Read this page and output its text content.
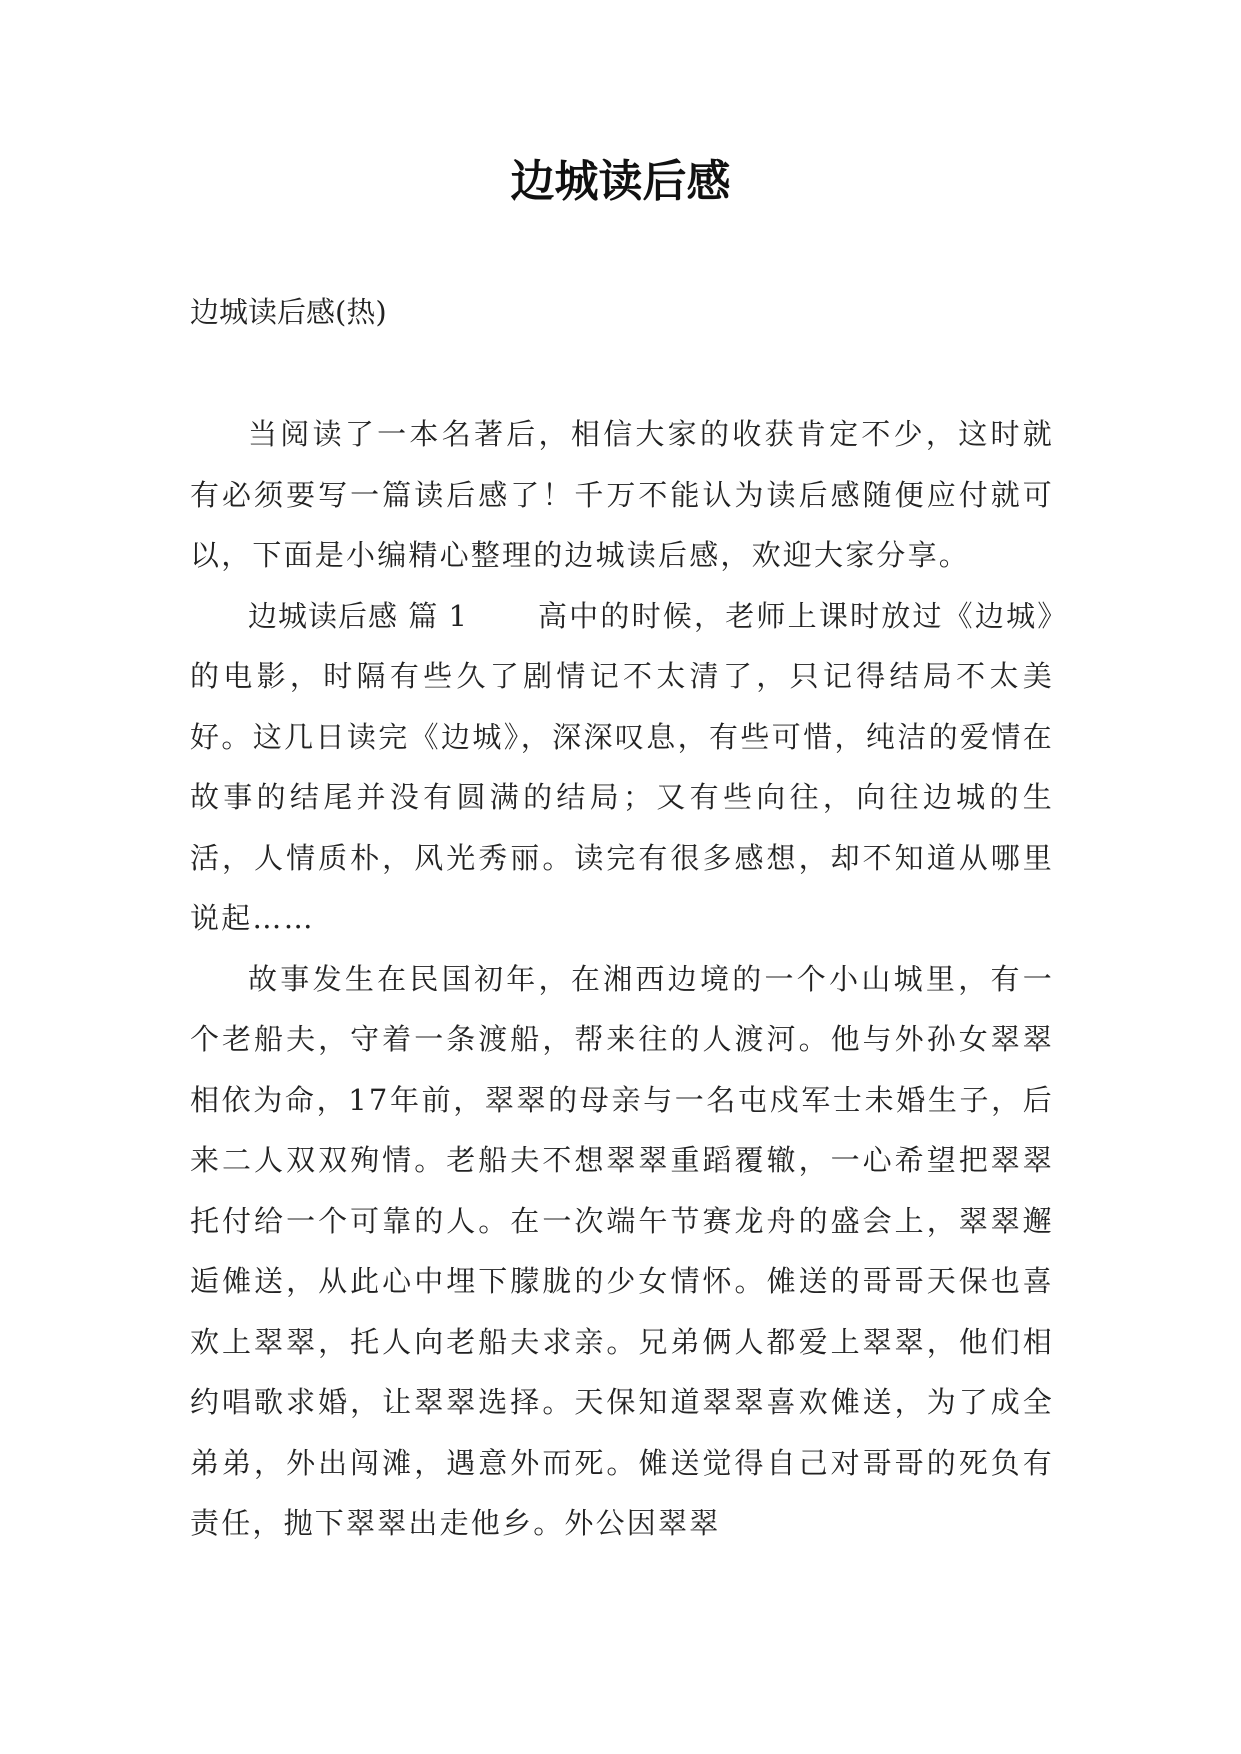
边城读后感

边城读后感(热)

当阅读了一本名著后，相信大家的收获肯定不少，这时就有必须要写一篇读后感了！千万不能认为读后感随便应付就可以，下面是小编精心整理的边城读后感，欢迎大家分享。

边城读后感 篇 1 高中的时候，老师上课时放过《边城》的电影，时隔有些久了剧情记不太清了，只记得结局不太美好。这几日读完《边城》，深深叹息，有些可惜，纯洁的爱情在故事的结尾并没有圆满的结局；又有些向往，向往边城的生活，人情质朴，风光秀丽。读完有很多感想，却不知道从哪里说起……

故事发生在民国初年，在湘西边境的一个小山城里，有一个老船夫，守着一条渡船，帮来往的人渡河。他与外孙女翠翠相依为命，17年前，翠翠的母亲与一名屯戍军士未婚生子，后来二人双双殉情。老船夫不想翠翠重蹈覆辙，一心希望把翠翠托付给一个可靠的人。在一次端午节赛龙舟的盛会上，翠翠邂逅傩送，从此心中埋下朦胧的少女情怀。傩送的哥哥天保也喜欢上翠翠，托人向老船夫求亲。兄弟俩人都爱上翠翠，他们相约唱歌求婚，让翠翠选择。天保知道翠翠喜欢傩送，为了成全弟弟，外出闯滩，遇意外而死。傩送觉得自己对哥哥的死负有责任，抛下翠翠出走他乡。外公因翠翠
